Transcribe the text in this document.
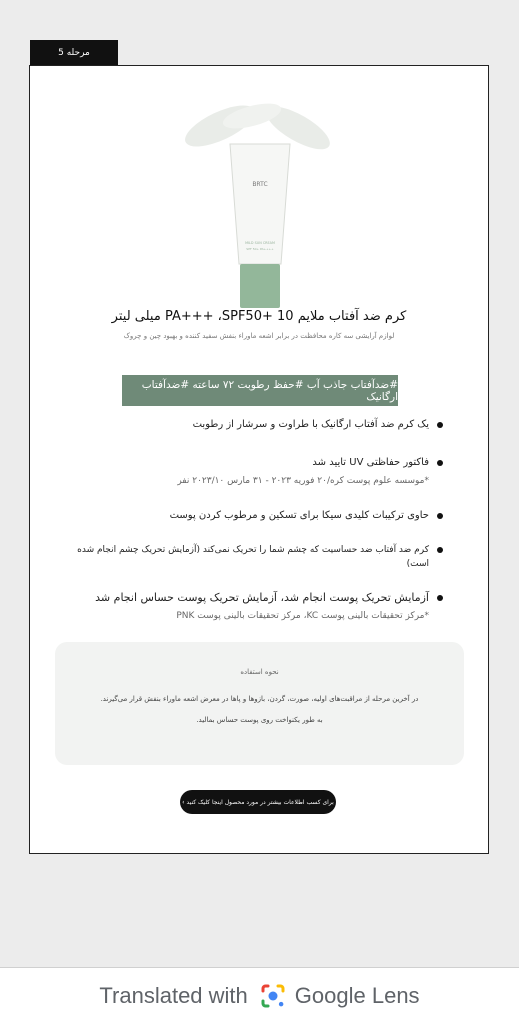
مرحله 5
BRTC
MILD SUN CREAM
SPF 50+ PA++++
کرم ضد آفتاب ملایم 10 +PA+++ ،SPF50 میلی لیتر
لوازم آرایشی سه کاره محافظت در برابر اشعه ماوراء بنفش سفید کننده و بهبود چین و چروک
#ضدآفتاب جاذب آب #حفظ رطوبت ۷۲ ساعته #ضدآفتاب ارگانیک
یک کرم ضد آفتاب ارگانیک با طراوت و سرشار از رطوبت
فاکتور حفاظتی UV تایید شد
*موسسه علوم پوست کره/۲۰ فوریه ۲۰۲۳ - ۳۱ مارس ۲۰۲۳/۱۰ نفر
حاوی ترکیبات کلیدی سیکا برای تسکین و مرطوب کردن پوست
کرم ضد آفتاب ضد حساسیت که چشم شما را تحریک نمی‌کند (آزمایش تحریک چشم انجام شده است)
آزمایش تحریک پوست انجام شد، آزمایش تحریک پوست حساس انجام شد
*مرکز تحقیقات بالینی پوست KC، مرکز تحقیقات بالینی پوست PNK
نحوه استفاده
در آخرین مرحله از مراقبت‌های اولیه، صورت، گردن، بازوها و پاها در معرض اشعه ماوراء بنفش قرار می‌گیرند.
به طور یکنواخت روی پوست حساس بمالید.
برای کسب اطلاعات بیشتر در مورد محصول اینجا کلیک کنید ›
Translated with Google Lens
